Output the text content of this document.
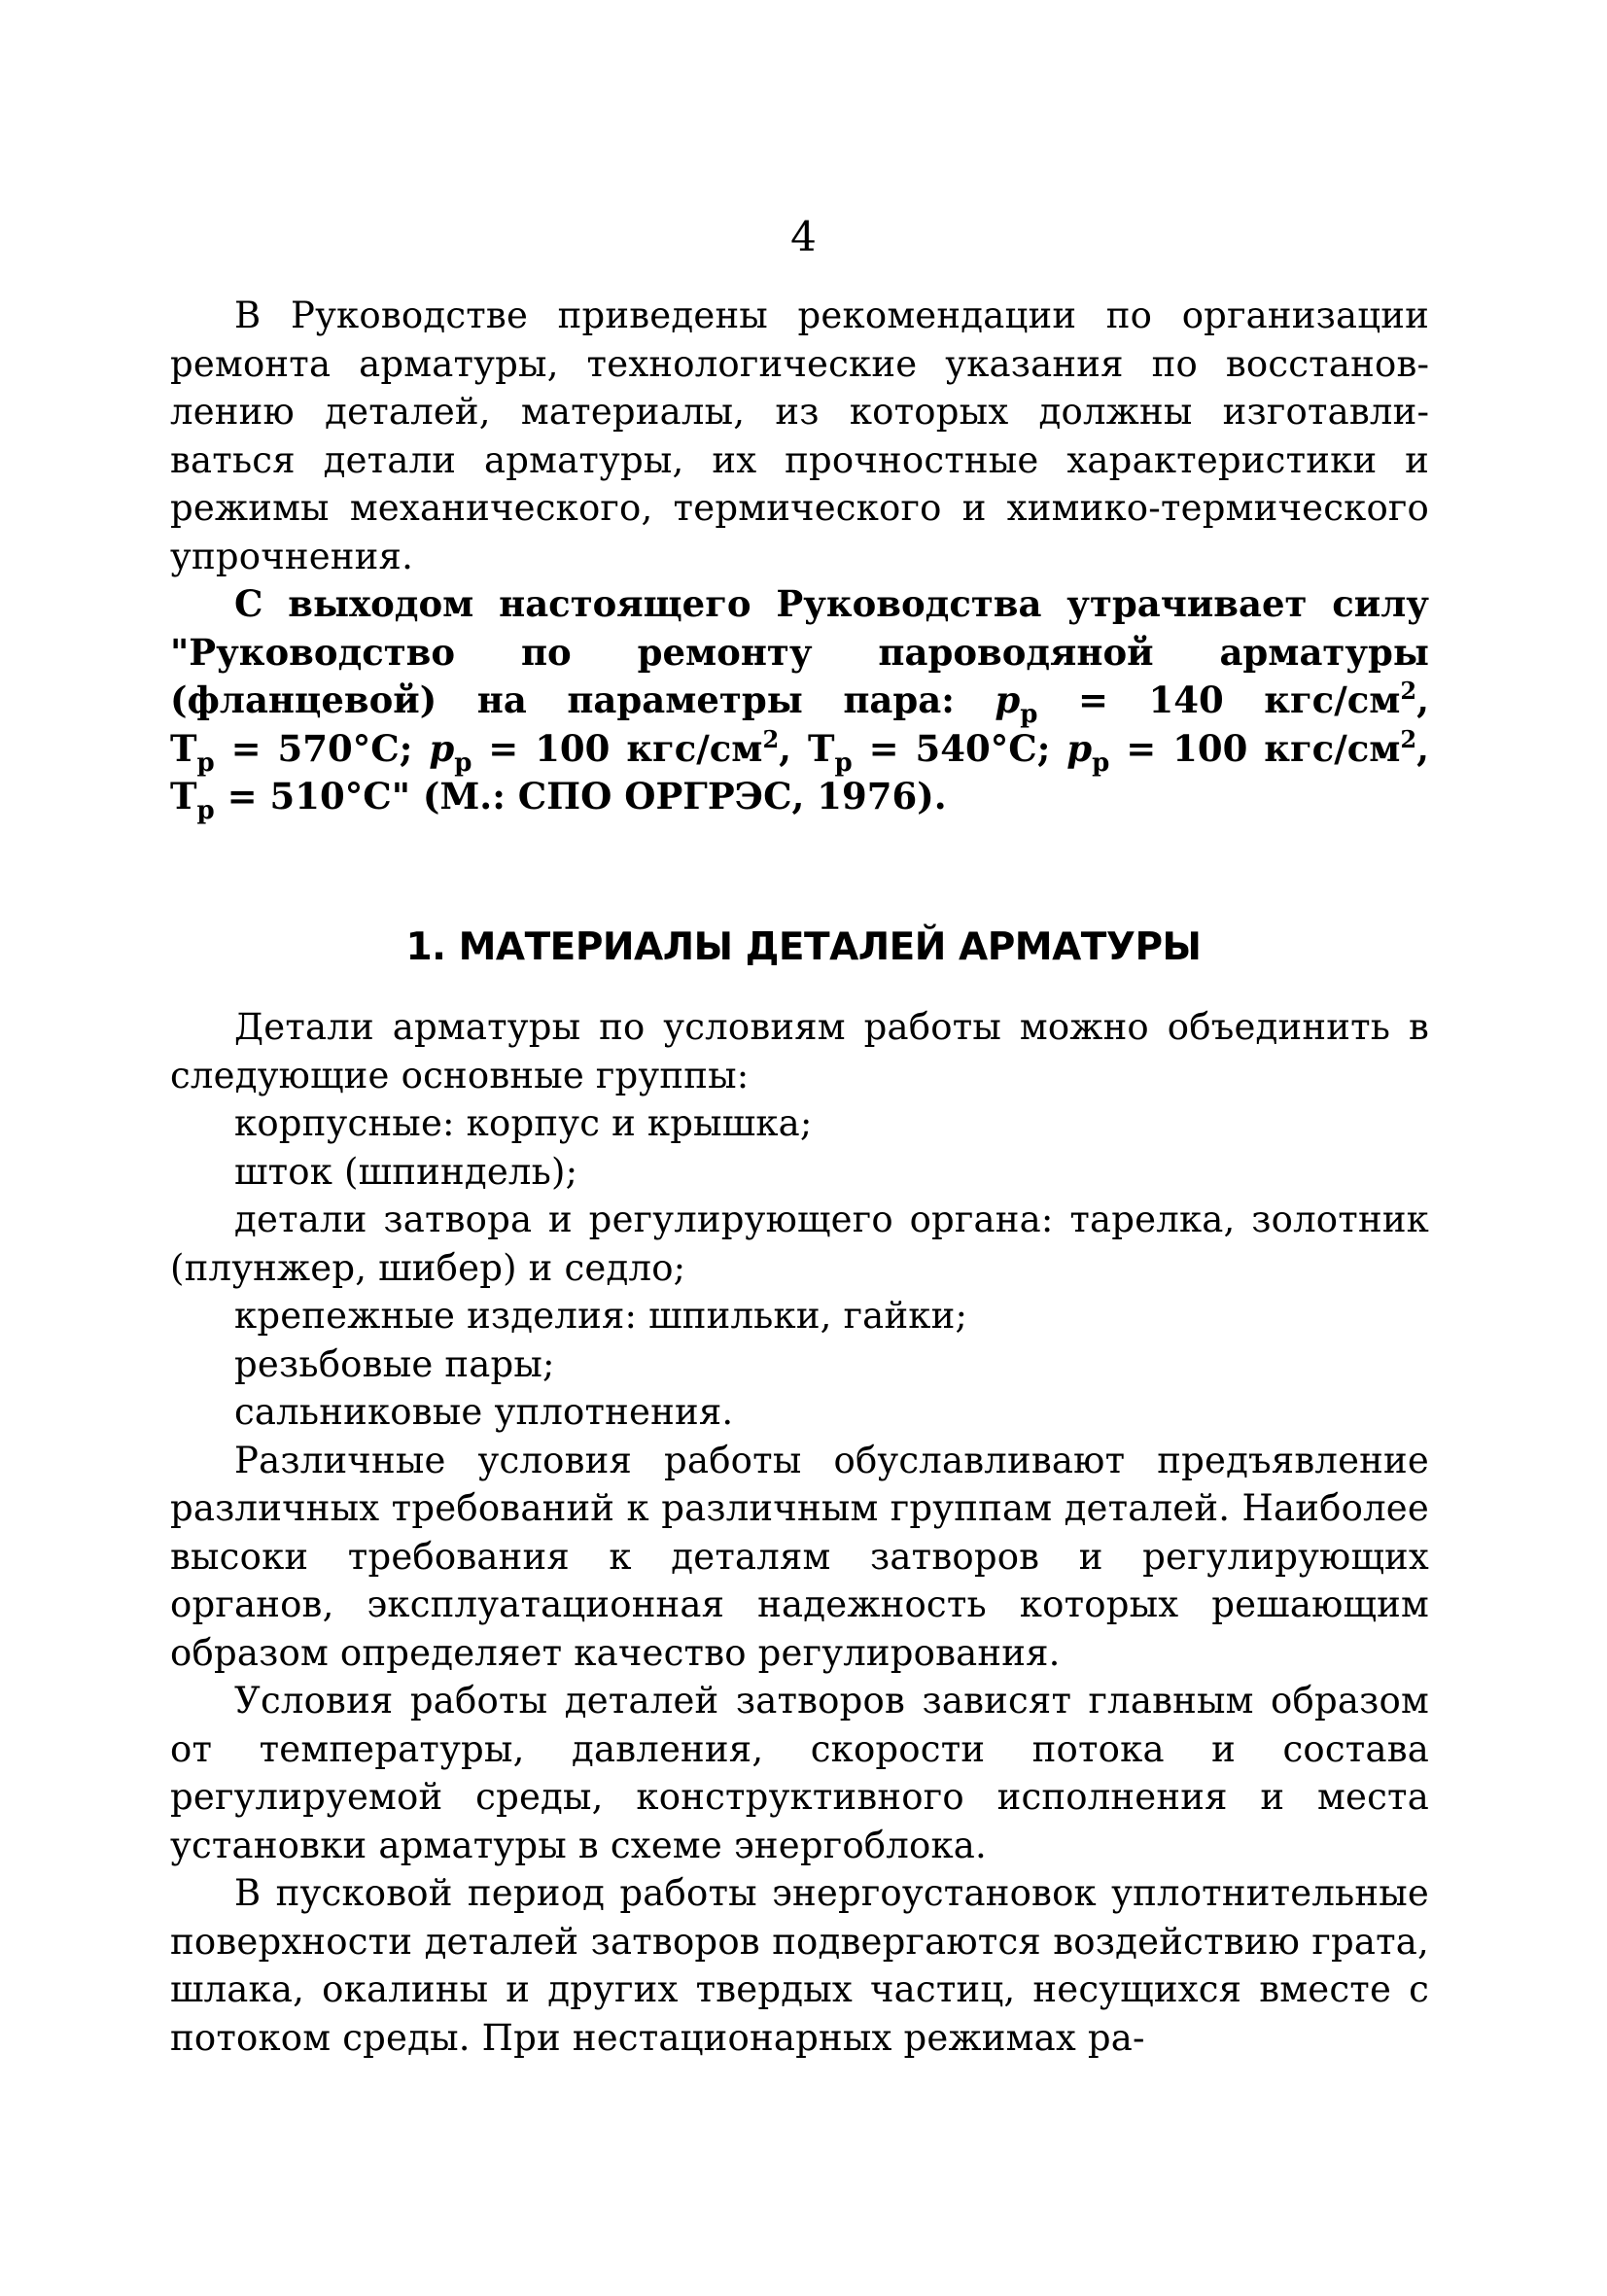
4

В Руководстве приведены рекомендации по организации ремонта арматуры, технологические указания по восстановлению деталей, материалы, из которых должны изготавливаться детали арматуры, их прочностные характеристики и режимы механического, термического и химико-термического упрочнения.

С выходом настоящего Руководства утрачивает силу "Руководство по ремонту пароводяной арматуры (фланцевой) на параметры пара: $p_р = 140$ кгс/$см^2$, $Т_р = 570^\circ С$; $p_р = 100$ кгс/$см^2$, $Т_р = 540^\circ С$; $p_р = 100$ кгс/$см^2$, $Т_р = 510^\circ С$" (М.: СПО ОРГРЭС, 1976).

1. МАТЕРИАЛЫ ДЕТАЛЕЙ АРМАТУРЫ

Детали арматуры по условиям работы можно объединить в следующие основные группы:

корпусные: корпус и крышка;

шток (шпиндель);

детали затвора и регулирующего органа: тарелка, золотник (плунжер, шибер) и седло;

крепежные изделия: шпильки, гайки;

резьбовые пары;

сальниковые уплотнения.

Различные условия работы обуславливают предъявление различных требований к различным группам деталей. Наиболее высоки требования к деталям затворов и регулирующих органов, эксплуатационная надежность которых решающим образом определяет качество регулирования.

Условия работы деталей затворов зависят главным образом от температуры, давления, скорости потока и состава регулируемой среды, конструктивного исполнения и места установки арматуры в схеме энергоблока.

В пусковой период работы энергоустановок уплотнительные поверхности деталей затворов подвергаются воздействию грата, шлака, окалины и других твердых частиц, несущихся вместе с потоком среды. При нестационарных режимах ра-
